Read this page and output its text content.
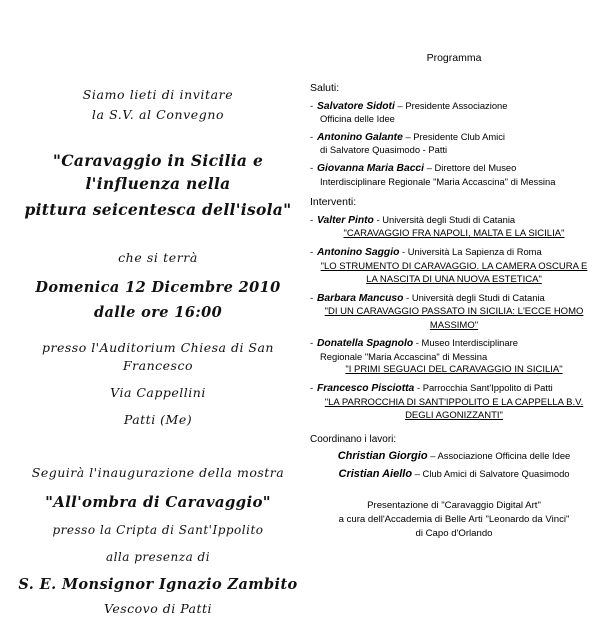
Siamo lieti di invitare
la S.V. al Convegno
"Caravaggio in Sicilia e l'influenza nella
pittura seicentesca dell'isola"
che si terrà
Domenica 12 Dicembre 2010
dalle ore 16:00
presso l'Auditorium Chiesa di San Francesco
Via Cappellini
Patti (Me)
Seguirà l'inaugurazione della mostra
"All'ombra di Caravaggio"
presso la Cripta di Sant'Ippolito
alla presenza di
S. E. Monsignor Ignazio Zambito
Vescovo di Patti
Programma
Saluti:
- Salvatore Sidoti – Presidente Associazione
Officina delle Idee
- Antonino Galante – Presidente Club Amici
di Salvatore Quasimodo - Patti
- Giovanna Maria Bacci – Direttore del Museo
Interdisciplinare Regionale "Maria Accascina" di Messina
Interventi:
- Valter Pinto - Università degli Studi di Catania
"CARAVAGGIO FRA NAPOLI, MALTA E LA SICILIA"
- Antonino Saggio - Università La Sapienza di Roma
"LO STRUMENTO DI CARAVAGGIO. LA CAMERA OSCURA E
LA NASCITA DI UNA NUOVA ESTETICA"
- Barbara Mancuso - Università degli Studi di Catania
"DI UN CARAVAGGIO PASSATO IN SICILIA: L'ECCE HOMO
MASSIMO"
- Donatella Spagnolo - Museo Interdisciplinare
Regionale "Maria Accascina" di Messina
"I PRIMI SEGUACI DEL CARAVAGGIO IN SICILIA"
- Francesco Pisciotta - Parrocchia Sant'Ippolito di Patti
"LA PARROCCHIA DI SANT'IPPOLITO E LA CAPPELLA B.V.
DEGLI AGONIZZANTI"
Coordinano i lavori:
Christian Giorgio – Associazione Officina delle Idee
Cristian Aiello – Club Amici di Salvatore Quasimodo
Presentazione di "Caravaggio Digital Art"
a cura dell'Accademia di Belle Arti "Leonardo da Vinci"
di Capo d'Orlando
